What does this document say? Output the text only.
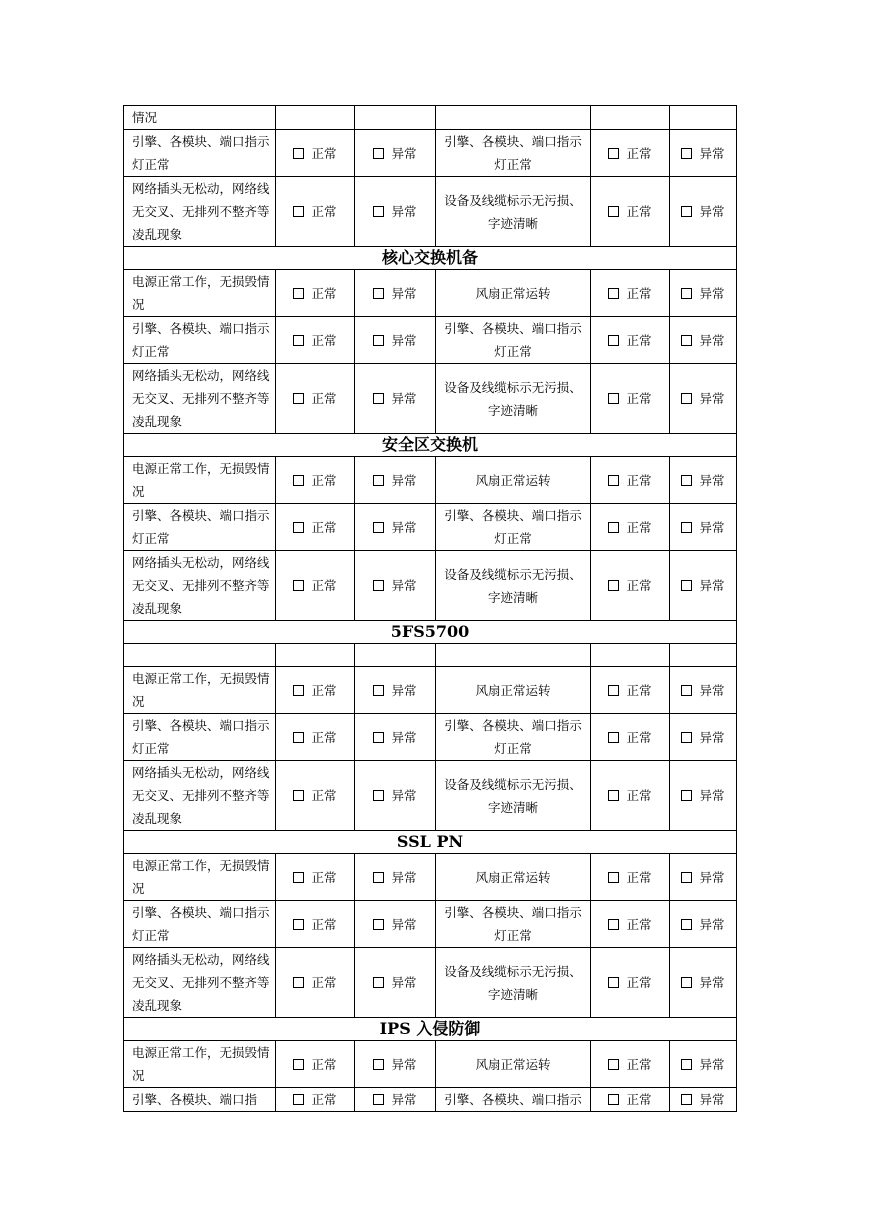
情况					
引擎、各模块、端口指示灯正常	正常	异常	引擎、各模块、端口指示灯正常	正常	异常
网络插头无松动，网络线无交叉、无排列不整齐等凌乱现象	正常	异常	设备及线缆标示无污损、字迹清晰	正常	异常
核心交换机备					
电源正常工作，无损毁情况	正常	异常	风扇正常运转	正常	异常
引擎、各模块、端口指示灯正常	正常	异常	引擎、各模块、端口指示灯正常	正常	异常
网络插头无松动，网络线无交叉、无排列不整齐等凌乱现象	正常	异常	设备及线缆标示无污损、字迹清晰	正常	异常
安全区交换机					
电源正常工作，无损毁情况	正常	异常	风扇正常运转	正常	异常
引擎、各模块、端口指示灯正常	正常	异常	引擎、各模块、端口指示灯正常	正常	异常
网络插头无松动，网络线无交叉、无排列不整齐等凌乱现象	正常	异常	设备及线缆标示无污损、字迹清晰	正常	异常
5FS5700					

电源正常工作，无损毁情况	正常	异常	风扇正常运转	正常	异常
引擎、各模块、端口指示灯正常	正常	异常	引擎、各模块、端口指示灯正常	正常	异常
网络插头无松动，网络线无交叉、无排列不整齐等凌乱现象	正常	异常	设备及线缆标示无污损、字迹清晰	正常	异常
SSL PN					
电源正常工作，无损毁情况	正常	异常	风扇正常运转	正常	异常
引擎、各模块、端口指示灯正常	正常	异常	引擎、各模块、端口指示灯正常	正常	异常
网络插头无松动，网络线无交叉、无排列不整齐等凌乱现象	正常	异常	设备及线缆标示无污损、字迹清晰	正常	异常
IPS 入侵防御					
电源正常工作，无损毁情况	正常	异常	风扇正常运转	正常	异常
引擎、各模块、端口指	正常	异常	引擎、各模块、端口指示	正常	异常
